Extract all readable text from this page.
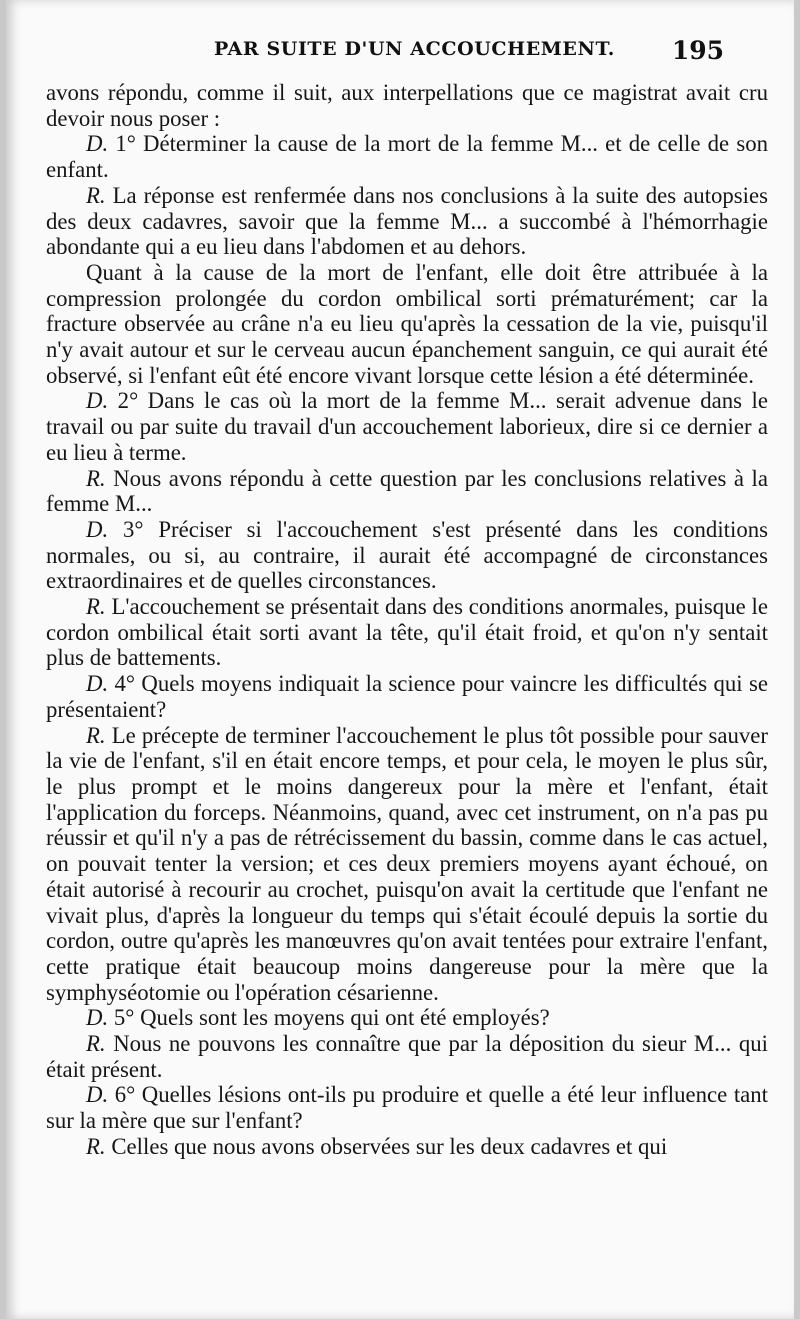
PAR SUITE D'UN ACCOUCHEMENT. 195

avons répondu, comme il suit, aux interpellations que ce magistrat avait cru devoir nous poser :

D. 1° Déterminer la cause de la mort de la femme M... et de celle de son enfant.

R. La réponse est renfermée dans nos conclusions à la suite des autopsies des deux cadavres, savoir que la femme M... a succombé à l'hémorrhagie abondante qui a eu lieu dans l'abdomen et au dehors.

Quant à la cause de la mort de l'enfant, elle doit être attribuée à la compression prolongée du cordon ombilical sorti prématurément; car la fracture observée au crâne n'a eu lieu qu'après la cessation de la vie, puisqu'il n'y avait autour et sur le cerveau aucun épanchement sanguin, ce qui aurait été observé, si l'enfant eût été encore vivant lorsque cette lésion a été déterminée.

D. 2° Dans le cas où la mort de la femme M... serait advenue dans le travail ou par suite du travail d'un accouchement laborieux, dire si ce dernier a eu lieu à terme.

R. Nous avons répondu à cette question par les conclusions relatives à la femme M...

D. 3° Préciser si l'accouchement s'est présenté dans les conditions normales, ou si, au contraire, il aurait été accompagné de circonstances extraordinaires et de quelles circonstances.

R. L'accouchement se présentait dans des conditions anormales, puisque le cordon ombilical était sorti avant la tête, qu'il était froid, et qu'on n'y sentait plus de battements.

D. 4° Quels moyens indiquait la science pour vaincre les difficultés qui se présentaient?

R. Le précepte de terminer l'accouchement le plus tôt possible pour sauver la vie de l'enfant, s'il en était encore temps, et pour cela, le moyen le plus sûr, le plus prompt et le moins dangereux pour la mère et l'enfant, était l'application du forceps. Néanmoins, quand, avec cet instrument, on n'a pas pu réussir et qu'il n'y a pas de rétrécissement du bassin, comme dans le cas actuel, on pouvait tenter la version; et ces deux premiers moyens ayant échoué, on était autorisé à recourir au crochet, puisqu'on avait la certitude que l'enfant ne vivait plus, d'après la longueur du temps qui s'était écoulé depuis la sortie du cordon, outre qu'après les manœuvres qu'on avait tentées pour extraire l'enfant, cette pratique était beaucoup moins dangereuse pour la mère que la symphyséotomie ou l'opération césarienne.

D. 5° Quels sont les moyens qui ont été employés?

R. Nous ne pouvons les connaître que par la déposition du sieur M... qui était présent.

D. 6° Quelles lésions ont-ils pu produire et quelle a été leur influence tant sur la mère que sur l'enfant?

R. Celles que nous avons observées sur les deux cadavres et qui
